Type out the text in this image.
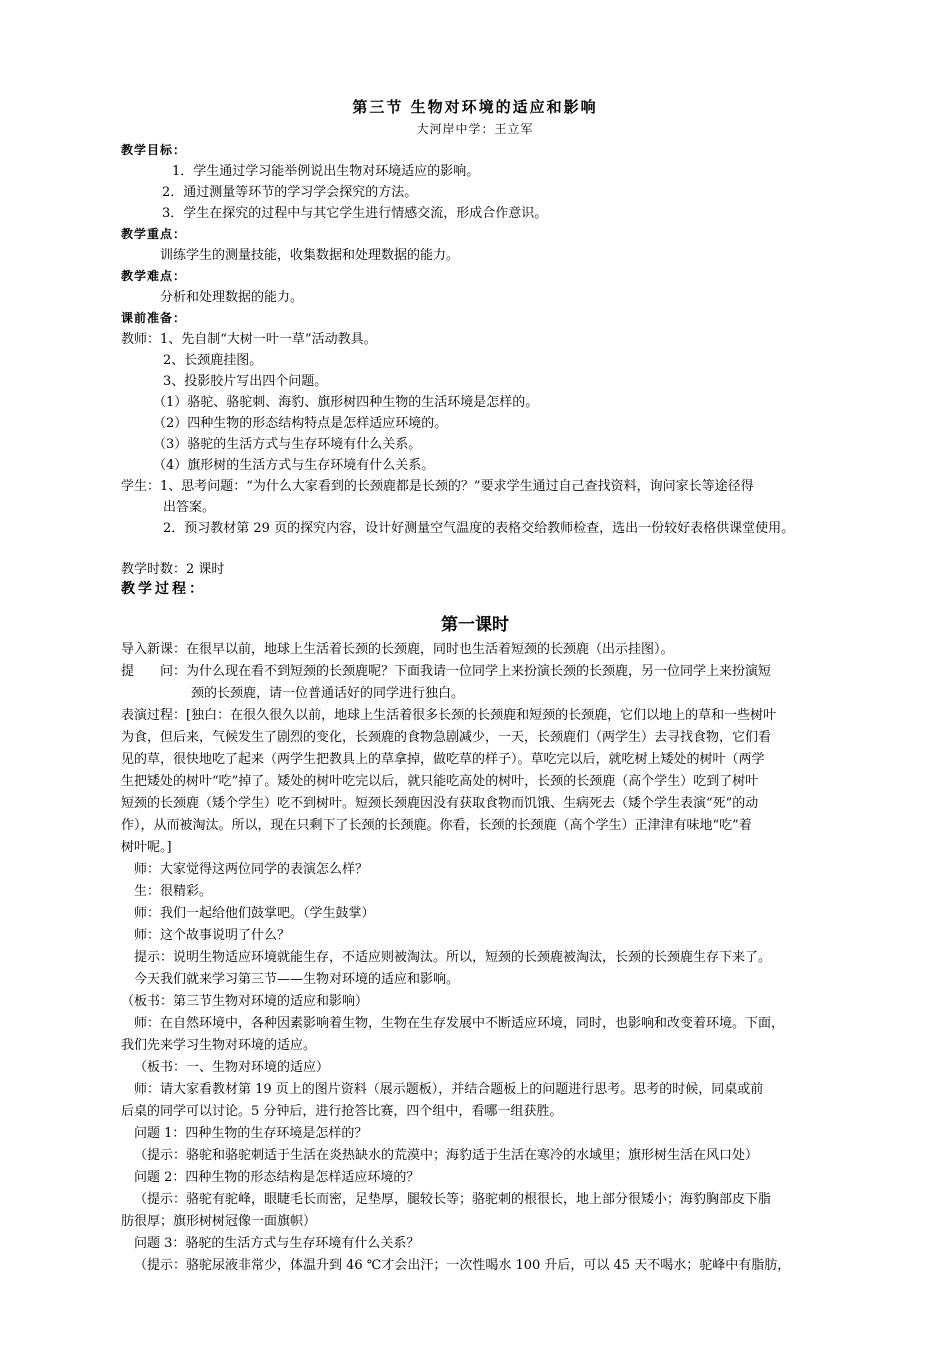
第三节 生物对环境的适应和影响
大河岸中学：王立军
教学目标：
1．学生通过学习能举例说出生物对环境适应的影响。
2．通过测量等环节的学习学会探究的方法。
3．学生在探究的过程中与其它学生进行情感交流，形成合作意识。
教学重点：
训练学生的测量技能，收集数据和处理数据的能力。
教学难点：
分析和处理数据的能力。
课前准备：
教师：1、先自制“大树一叶一草”活动教具。
2、长颈鹿挂图。
3、投影胶片写出四个问题。
（1）骆驼、骆驼刺、海豹、旗形树四种生物的生活环境是怎样的。
（2）四种生物的形态结构特点是怎样适应环境的。
（3）骆驼的生活方式与生存环境有什么关系。
（4）旗形树的生活方式与生存环境有什么关系。
学生：1、思考问题：“为什么大家看到的长颈鹿都是长颈的？”要求学生通过自己查找资料，询问家长等途径得
出答案。
2．预习教材第 29 页的探究内容，设计好测量空气温度的表格交给教师检查，选出一份较好表格供课堂使用。
教学时数：2 课时
教学过程：
第一课时
导入新课：在很早以前，地球上生活着长颈的长颈鹿，同时也生活着短颈的长颈鹿（出示挂图）。
提　　问：为什么现在看不到短颈的长颈鹿呢？下面我请一位同学上来扮演长颈的长颈鹿，另一位同学上来扮演短
颈的长颈鹿，请一位普通话好的同学进行独白。
表演过程：[独白：在很久很久以前，地球上生活着很多长颈的长颈鹿和短颈的长颈鹿，它们以地上的草和一些树叶
为食，但后来，气候发生了剧烈的变化，长颈鹿的食物急剧减少，一天，长颈鹿们（两学生）去寻找食物，它们看
见的草，很快地吃了起来（两学生把教具上的草拿掉，做吃草的样子）。草吃完以后，就吃树上矮处的树叶（两学
生把矮处的树叶“吃”掉了。矮处的树叶吃完以后，就只能吃高处的树叶，长颈的长颈鹿（高个学生）吃到了树叶
短颈的长颈鹿（矮个学生）吃不到树叶。短颈长颈鹿因没有获取食物而饥饿、生病死去（矮个学生表演“死”的动
作），从而被淘汰。所以，现在只剩下了长颈的长颈鹿。你看，长颈的长颈鹿（高个学生）正津津有味地“吃”着
树叶呢。]
师：大家觉得这两位同学的表演怎么样？
生：很精彩。
师：我们一起给他们鼓掌吧。（学生鼓掌）
师：这个故事说明了什么？
提示：说明生物适应环境就能生存，不适应则被淘汰。所以，短颈的长颈鹿被淘汰，长颈的长颈鹿生存下来了。
今天我们就来学习第三节——生物对环境的适应和影响。
（板书：第三节生物对环境的适应和影响）
师：在自然环境中，各种因素影响着生物，生物在生存发展中不断适应环境，同时，也影响和改变着环境。下面，
我们先来学习生物对环境的适应。
（板书：一、生物对环境的适应）
师：请大家看教材第 19 页上的图片资料（展示题板），并结合题板上的问题进行思考。思考的时候，同桌或前
后桌的同学可以讨论。5 分钟后，进行抢答比赛，四个组中，看哪一组获胜。
问题 1：四种生物的生存环境是怎样的？
（提示：骆驼和骆驼刺适于生活在炎热缺水的荒漠中；海豹适于生活在寒冷的水域里；旗形树生活在风口处）
问题 2：四种生物的形态结构是怎样适应环境的？
（提示：骆驼有驼峰，眼睫毛长而密，足垫厚，腿较长等；骆驼刺的根很长，地上部分很矮小；海豹胸部皮下脂
肪很厚；旗形树树冠像一面旗帜）
问题 3：骆驼的生活方式与生存环境有什么关系？
（提示：骆驼尿液非常少，体温升到 46 ℃才会出汗；一次性喝水 100 升后，可以 45 天不喝水；驼峰中有脂肪，
